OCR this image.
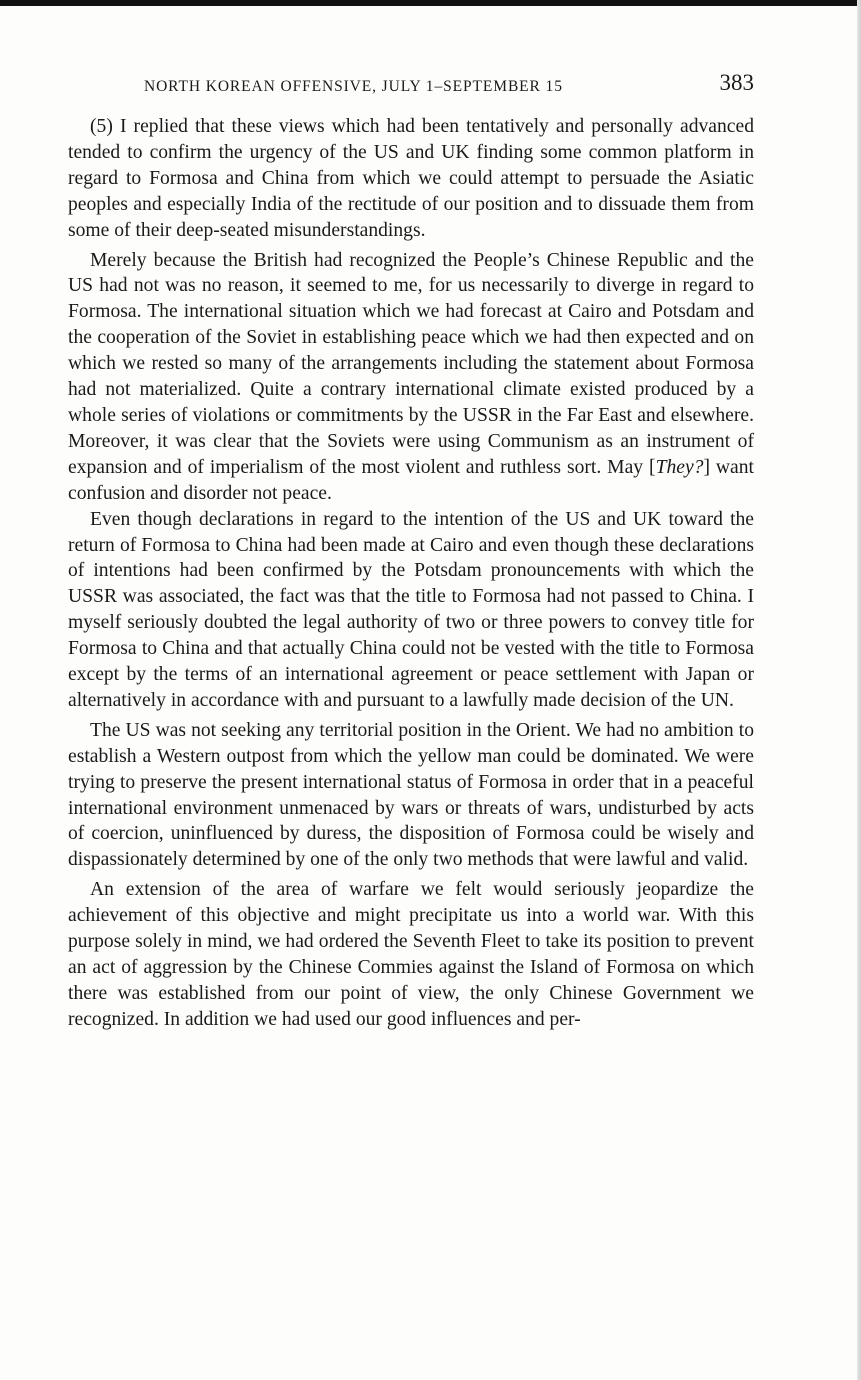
NORTH KOREAN OFFENSIVE, JULY 1–SEPTEMBER 15	383

(5) I replied that these views which had been tentatively and personally advanced tended to confirm the urgency of the US and UK finding some common platform in regard to Formosa and China from which we could attempt to persuade the Asiatic peoples and especially India of the rectitude of our position and to dissuade them from some of their deep-seated misunderstandings.

Merely because the British had recognized the People’s Chinese Republic and the US had not was no reason, it seemed to me, for us necessarily to diverge in regard to Formosa. The international situation which we had forecast at Cairo and Potsdam and the cooperation of the Soviet in establishing peace which we had then expected and on which we rested so many of the arrangements including the statement about Formosa had not materialized. Quite a contrary international climate existed produced by a whole series of violations or commitments by the USSR in the Far East and elsewhere. Moreover, it was clear that the Soviets were using Communism as an instrument of expansion and of imperialism of the most violent and ruthless sort. May [They?] want confusion and disorder not peace.

Even though declarations in regard to the intention of the US and UK toward the return of Formosa to China had been made at Cairo and even though these declarations of intentions had been confirmed by the Potsdam pronouncements with which the USSR was associated, the fact was that the title to Formosa had not passed to China. I myself seriously doubted the legal authority of two or three powers to convey title for Formosa to China and that actually China could not be vested with the title to Formosa except by the terms of an international agreement or peace settlement with Japan or alternatively in accordance with and pursuant to a lawfully made decision of the UN.

The US was not seeking any territorial position in the Orient. We had no ambition to establish a Western outpost from which the yellow man could be dominated. We were trying to preserve the present international status of Formosa in order that in a peaceful international environment unmenaced by wars or threats of wars, undisturbed by acts of coercion, uninfluenced by duress, the disposition of Formosa could be wisely and dispassionately determined by one of the only two methods that were lawful and valid.

An extension of the area of warfare we felt would seriously jeopardize the achievement of this objective and might precipitate us into a world war. With this purpose solely in mind, we had ordered the Seventh Fleet to take its position to prevent an act of aggression by the Chinese Commies against the Island of Formosa on which there was established from our point of view, the only Chinese Government we recognized. In addition we had used our good influences and per-
